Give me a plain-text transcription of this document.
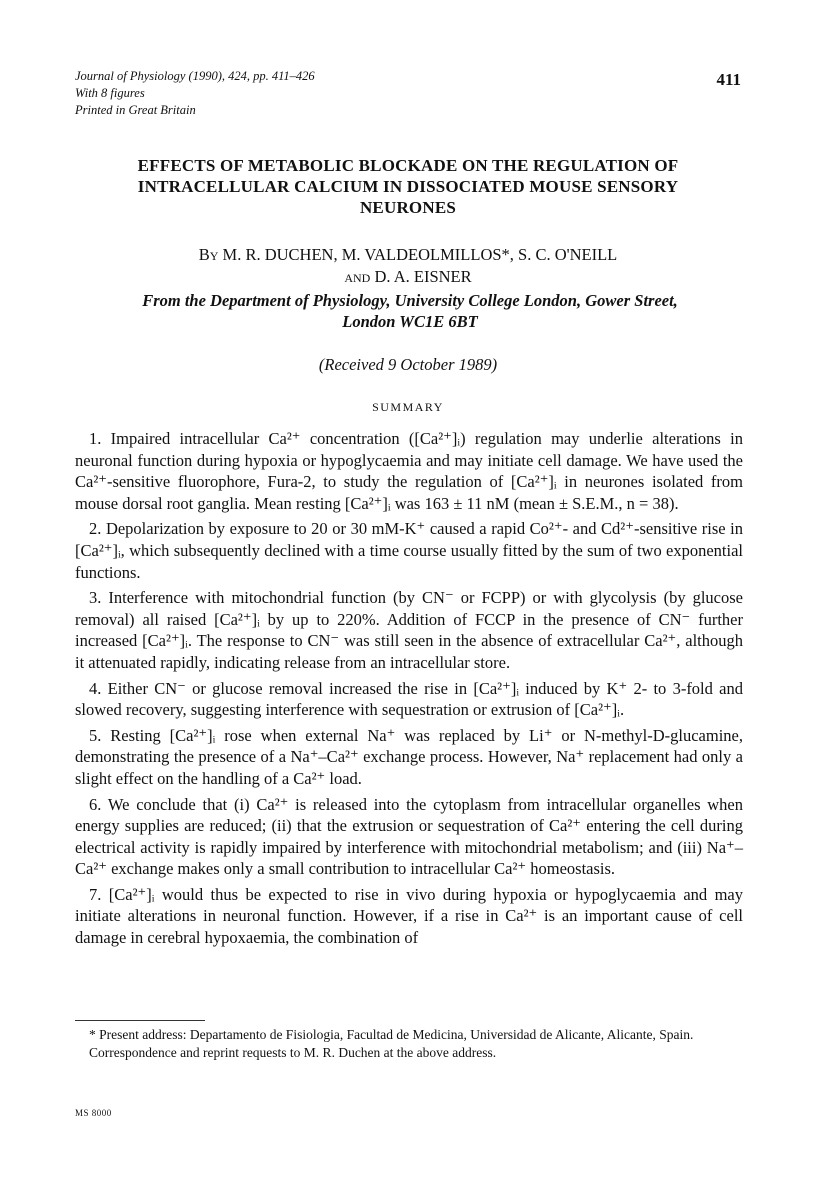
Journal of Physiology (1990), 424, pp. 411–426
With 8 figures
Printed in Great Britain
411
EFFECTS OF METABOLIC BLOCKADE ON THE REGULATION OF
INTRACELLULAR CALCIUM IN DISSOCIATED MOUSE SENSORY
NEURONES
By M. R. DUCHEN, M. VALDEOLMILLOS*, S. C. O'NEILL
and D. A. EISNER
From the Department of Physiology, University College London, Gower Street,
London WC1E 6BT
(Received 9 October 1989)
SUMMARY

1. Impaired intracellular Ca²⁺ concentration ([Ca²⁺]ᵢ) regulation may underlie alterations in neuronal function during hypoxia or hypoglycaemia and may initiate cell damage. We have used the Ca²⁺-sensitive fluorophore, Fura-2, to study the regulation of [Ca²⁺]ᵢ in neurones isolated from mouse dorsal root ganglia. Mean resting [Ca²⁺]ᵢ was 163 ± 11 nM (mean ± S.E.M., n = 38).

2. Depolarization by exposure to 20 or 30 mM-K⁺ caused a rapid Co²⁺- and Cd²⁺-sensitive rise in [Ca²⁺]ᵢ, which subsequently declined with a time course usually fitted by the sum of two exponential functions.

3. Interference with mitochondrial function (by CN⁻ or FCPP) or with glycolysis (by glucose removal) all raised [Ca²⁺]ᵢ by up to 220%. Addition of FCCP in the presence of CN⁻ further increased [Ca²⁺]ᵢ. The response to CN⁻ was still seen in the absence of extracellular Ca²⁺, although it attenuated rapidly, indicating release from an intracellular store.

4. Either CN⁻ or glucose removal increased the rise in [Ca²⁺]ᵢ induced by K⁺ 2- to 3-fold and slowed recovery, suggesting interference with sequestration or extrusion of [Ca²⁺]ᵢ.

5. Resting [Ca²⁺]ᵢ rose when external Na⁺ was replaced by Li⁺ or N-methyl-D-glucamine, demonstrating the presence of a Na⁺–Ca²⁺ exchange process. However, Na⁺ replacement had only a slight effect on the handling of a Ca²⁺ load.

6. We conclude that (i) Ca²⁺ is released into the cytoplasm from intracellular organelles when energy supplies are reduced; (ii) that the extrusion or sequestration of Ca²⁺ entering the cell during electrical activity is rapidly impaired by interference with mitochondrial metabolism; and (iii) Na⁺–Ca²⁺ exchange makes only a small contribution to intracellular Ca²⁺ homeostasis.

7. [Ca²⁺]ᵢ would thus be expected to rise in vivo during hypoxia or hypoglycaemia and may initiate alterations in neuronal function. However, if a rise in Ca²⁺ is an important cause of cell damage in cerebral hypoxaemia, the combination of

* Present address: Departamento de Fisiologia, Facultad de Medicina, Universidad de Alicante, Alicante, Spain.

Correspondence and reprint requests to M. R. Duchen at the above address.

MS 8000
